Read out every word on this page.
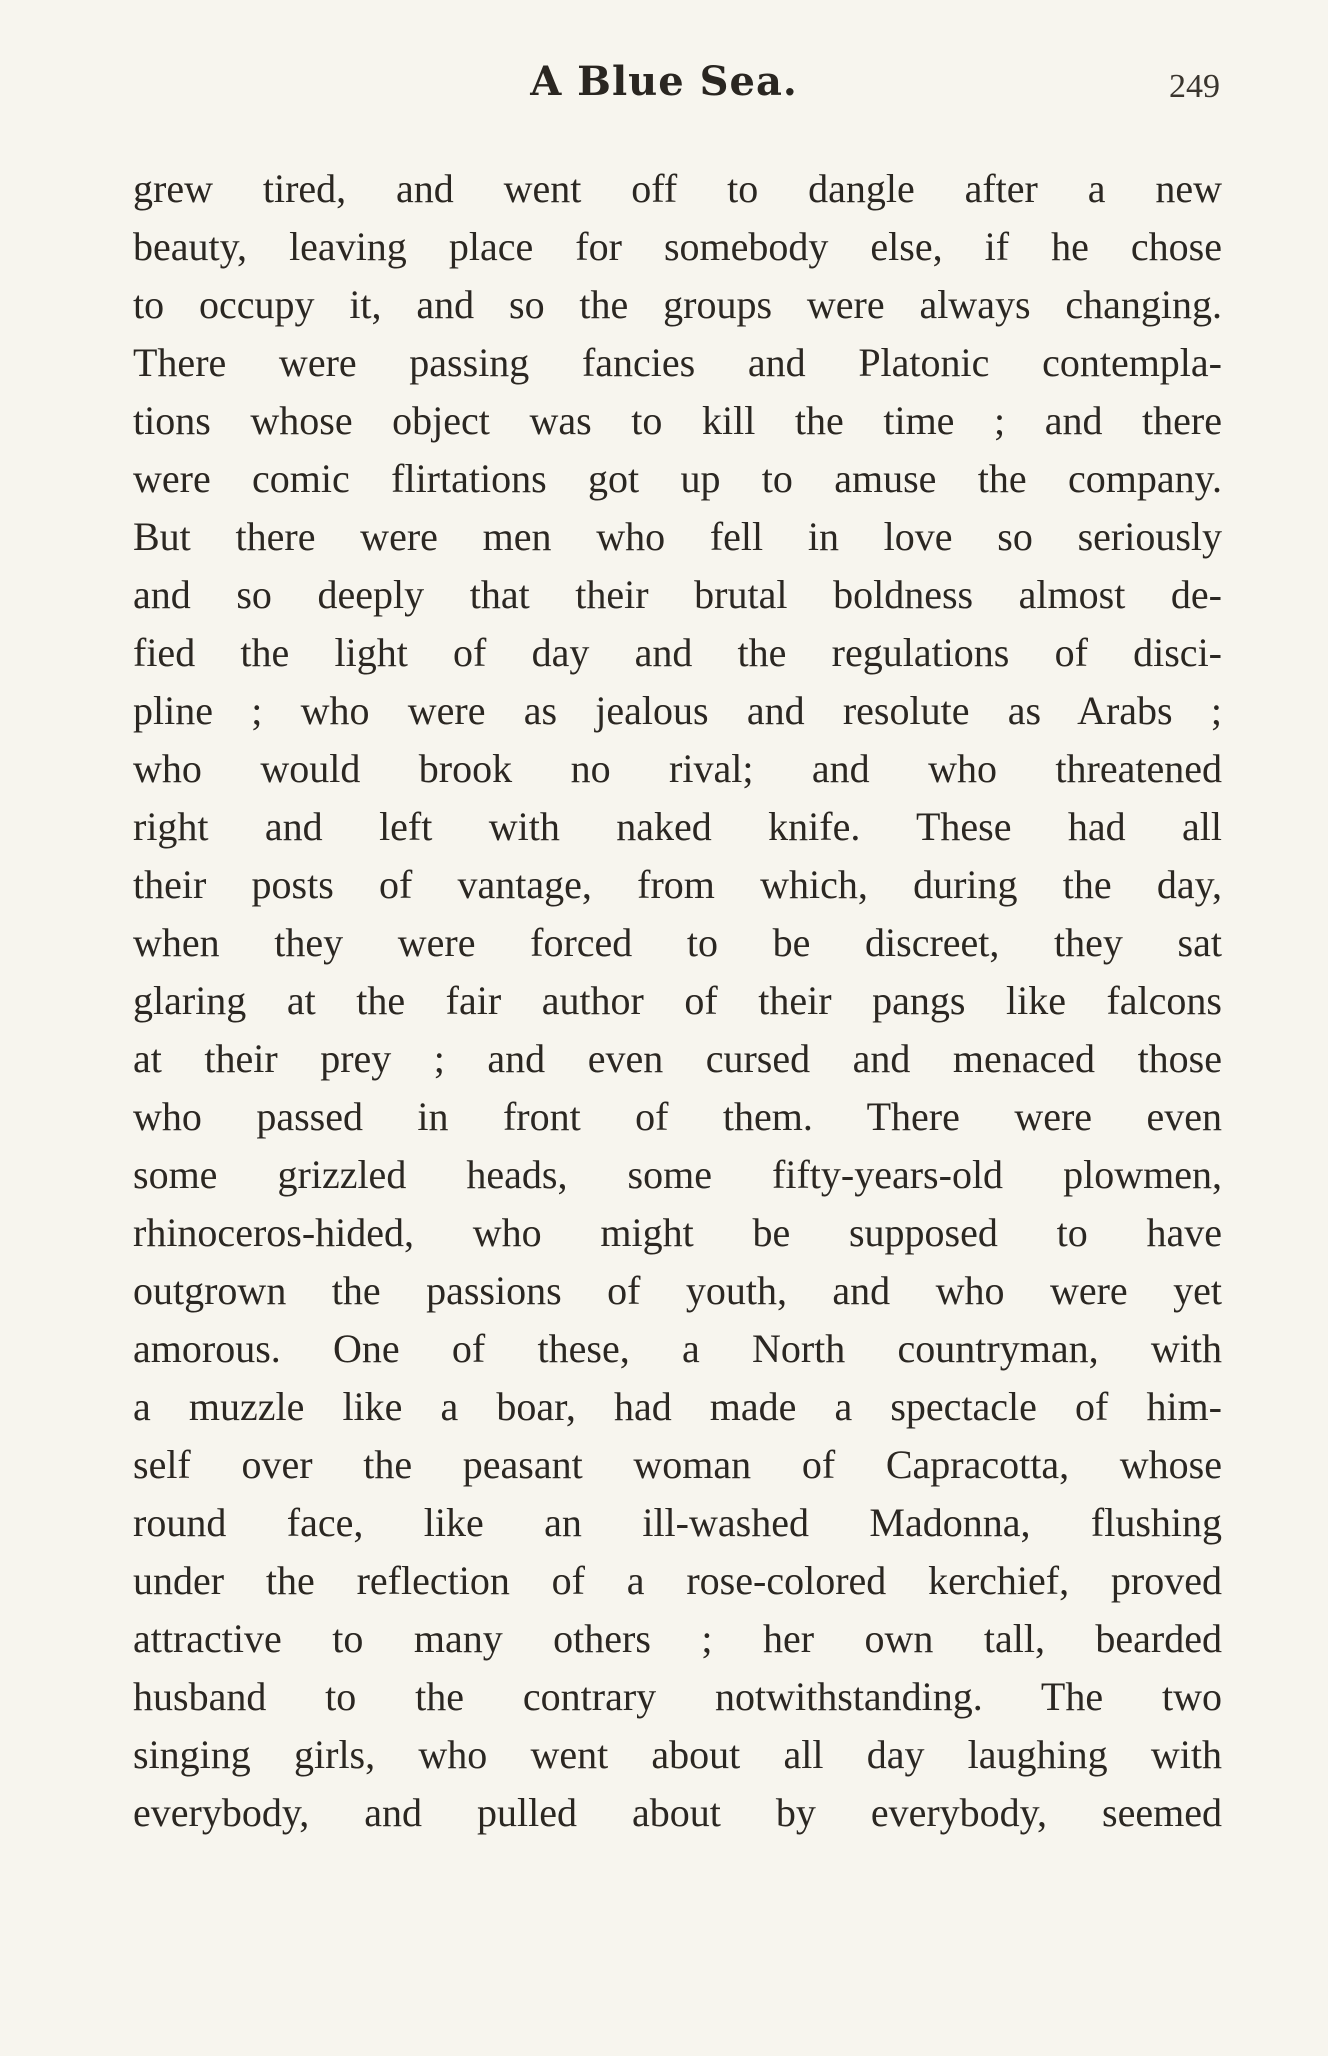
A Blue Sea.	249
grew tired, and went off to dangle after a new
beauty, leaving place for somebody else, if he chose
to occupy it, and so the groups were always changing.
There were passing fancies and Platonic contempla-
tions whose object was to kill the time ; and there
were comic flirtations got up to amuse the company.
But there were men who fell in love so seriously
and so deeply that their brutal boldness almost de-
fied the light of day and the regulations of disci-
pline ; who were as jealous and resolute as Arabs ;
who would brook no rival; and who threatened
right and left with naked knife. These had all
their posts of vantage, from which, during the day,
when they were forced to be discreet, they sat
glaring at the fair author of their pangs like falcons
at their prey ; and even cursed and menaced those
who passed in front of them. There were even
some grizzled heads, some fifty-years-old plowmen,
rhinoceros-hided, who might be supposed to have
outgrown the passions of youth, and who were yet
amorous. One of these, a North countryman, with
a muzzle like a boar, had made a spectacle of him-
self over the peasant woman of Capracotta, whose
round face, like an ill-washed Madonna, flushing
under the reflection of a rose-colored kerchief, proved
attractive to many others ; her own tall, bearded
husband to the contrary notwithstanding. The two
singing girls, who went about all day laughing with
everybody, and pulled about by everybody, seemed
